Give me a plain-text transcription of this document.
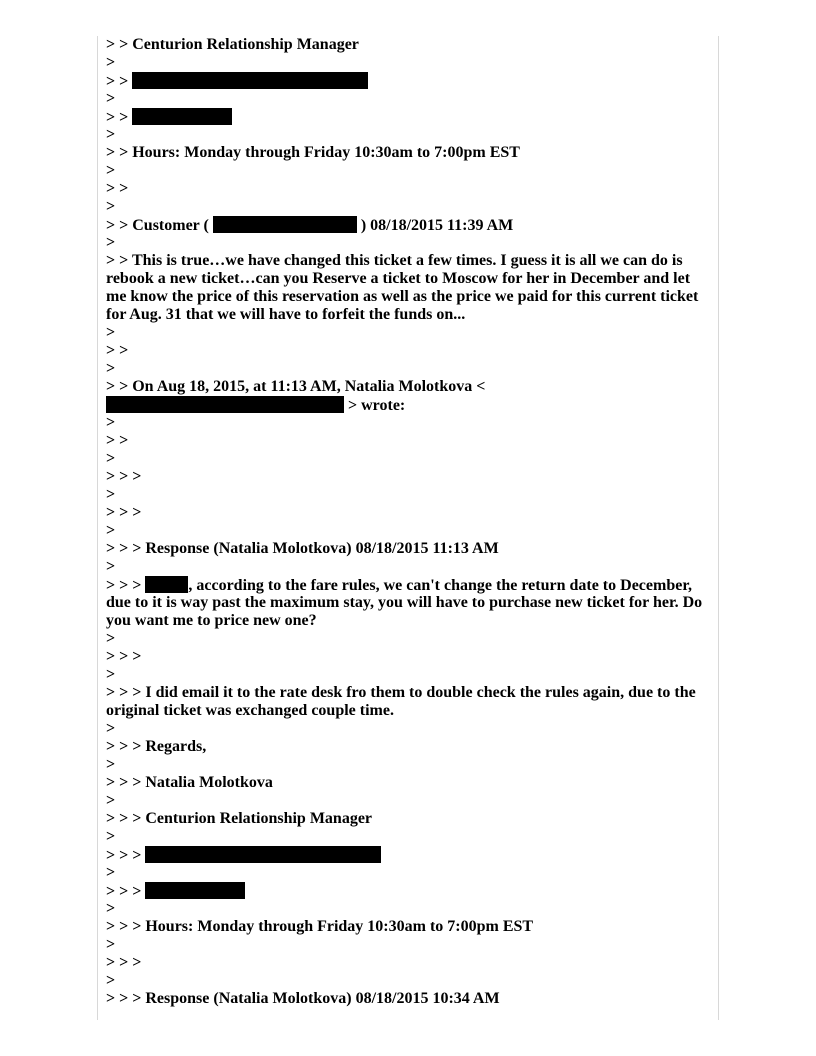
> > Centurion Relationship Manager
>
> >
>
> >
>
> > Hours: Monday through Friday 10:30am to 7:00pm EST
>
> >
>
> > Customer (	) 08/18/2015 11:39 AM
>
> > This is true…we have changed this ticket a few times. I guess it is all we can do is
rebook a new ticket…can you Reserve a ticket to Moscow for her in December and let
me know the price of this reservation as well as the price we paid for this current ticket
for Aug. 31 that we will have to forfeit the funds on...
>
> >
>
> > On Aug 18, 2015, at 11:13 AM, Natalia Molotkova <
> wrote:
>
> >
>
> > >
>
> > >
>
> > > Response (Natalia Molotkova) 08/18/2015 11:13 AM
>
> > >	, according to the fare rules, we can't change the return date to December,
due to it is way past the maximum stay, you will have to purchase new ticket for her. Do
you want me to price new one?
>
> > >
>
> > > I did email it to the rate desk fro them to double check the rules again, due to the
original ticket was exchanged couple time.
>
> > > Regards,
>
> > > Natalia Molotkova
>
> > > Centurion Relationship Manager
>
> > >
>
> > >
>
> > > Hours: Monday through Friday 10:30am to 7:00pm EST
>
> > >
>
> > > Response (Natalia Molotkova) 08/18/2015 10:34 AM
